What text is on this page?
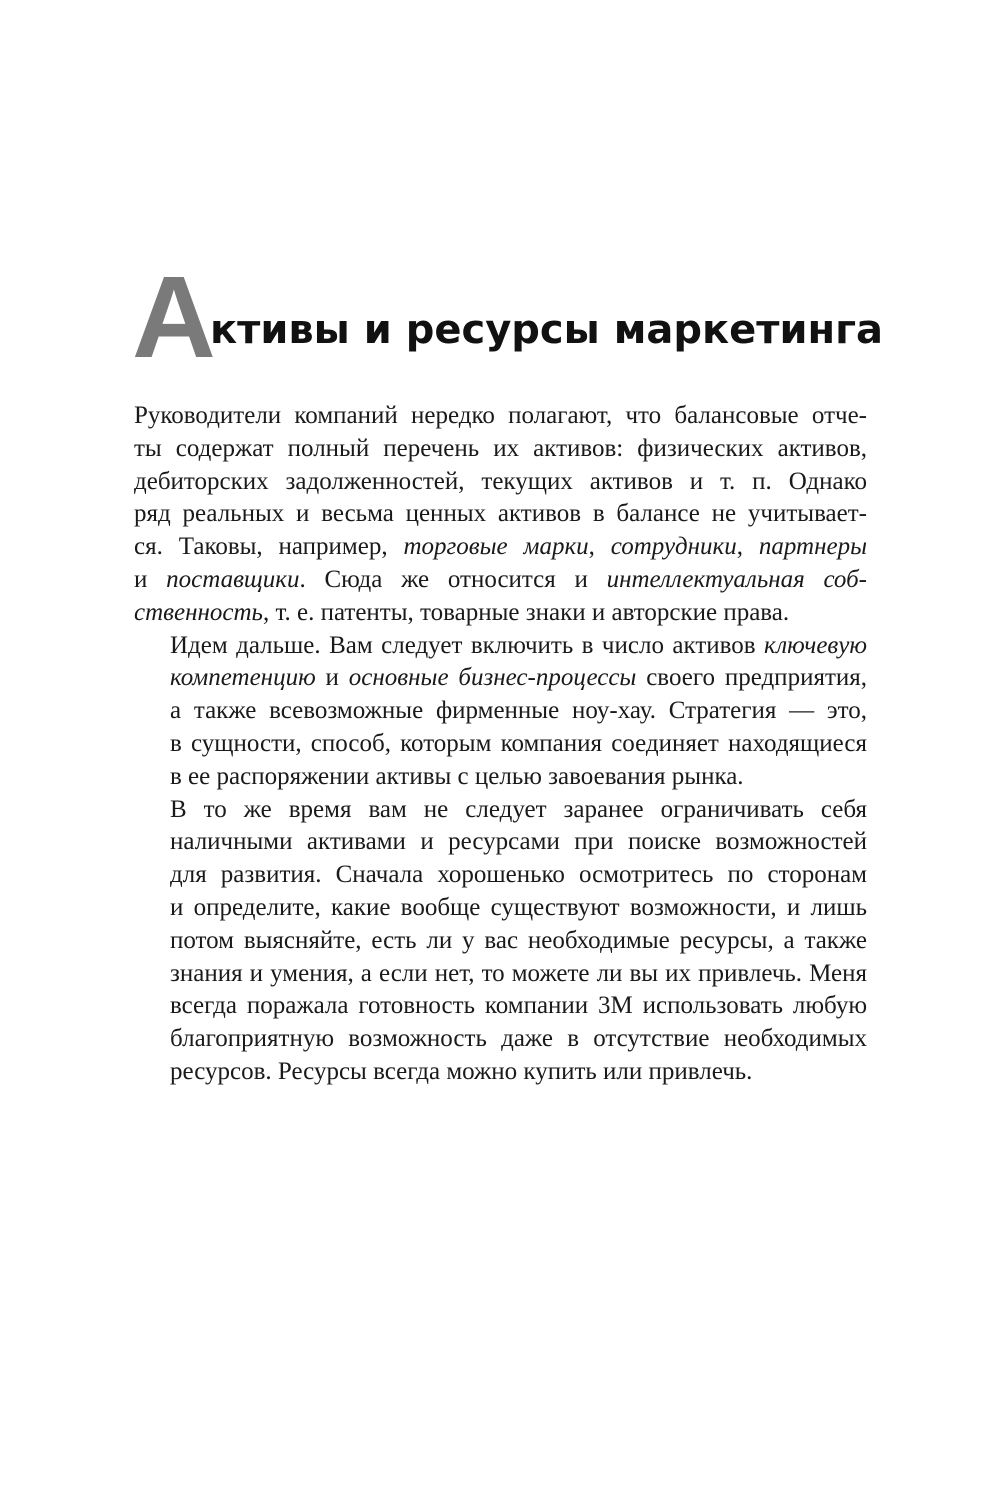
А
ктивы и ресурсы маркетинга

Руководители компаний нередко полагают, что балансовые отче-
ты содержат полный перечень их активов: физических активов,
дебиторских задолженностей, текущих активов и т. п. Однако
ряд реальных и весьма ценных активов в балансе не учитывает-
ся. Таковы, например, торговые марки, сотрудники, партнеры
и поставщики. Сюда же относится и интеллектуальная соб-
ственность, т. е. патенты, товарные знаки и авторские права.

Идем дальше. Вам следует включить в число активов ключевую
компетенцию и основные бизнес-процессы своего предприятия,
а также всевозможные фирменные ноу-хау. Стратегия — это,
в сущности, способ, которым компания соединяет находящиеся
в ее распоряжении активы с целью завоевания рынка.

В то же время вам не следует заранее ограничивать себя
наличными активами и ресурсами при поиске возможностей
для развития. Сначала хорошенько осмотритесь по сторонам
и определите, какие вообще существуют возможности, и лишь
потом выясняйте, есть ли у вас необходимые ресурсы, а также
знания и умения, а если нет, то можете ли вы их привлечь. Меня
всегда поражала готовность компании 3М использовать любую
благоприятную возможность даже в отсутствие необходимых
ресурсов. Ресурсы всегда можно купить или привлечь.
